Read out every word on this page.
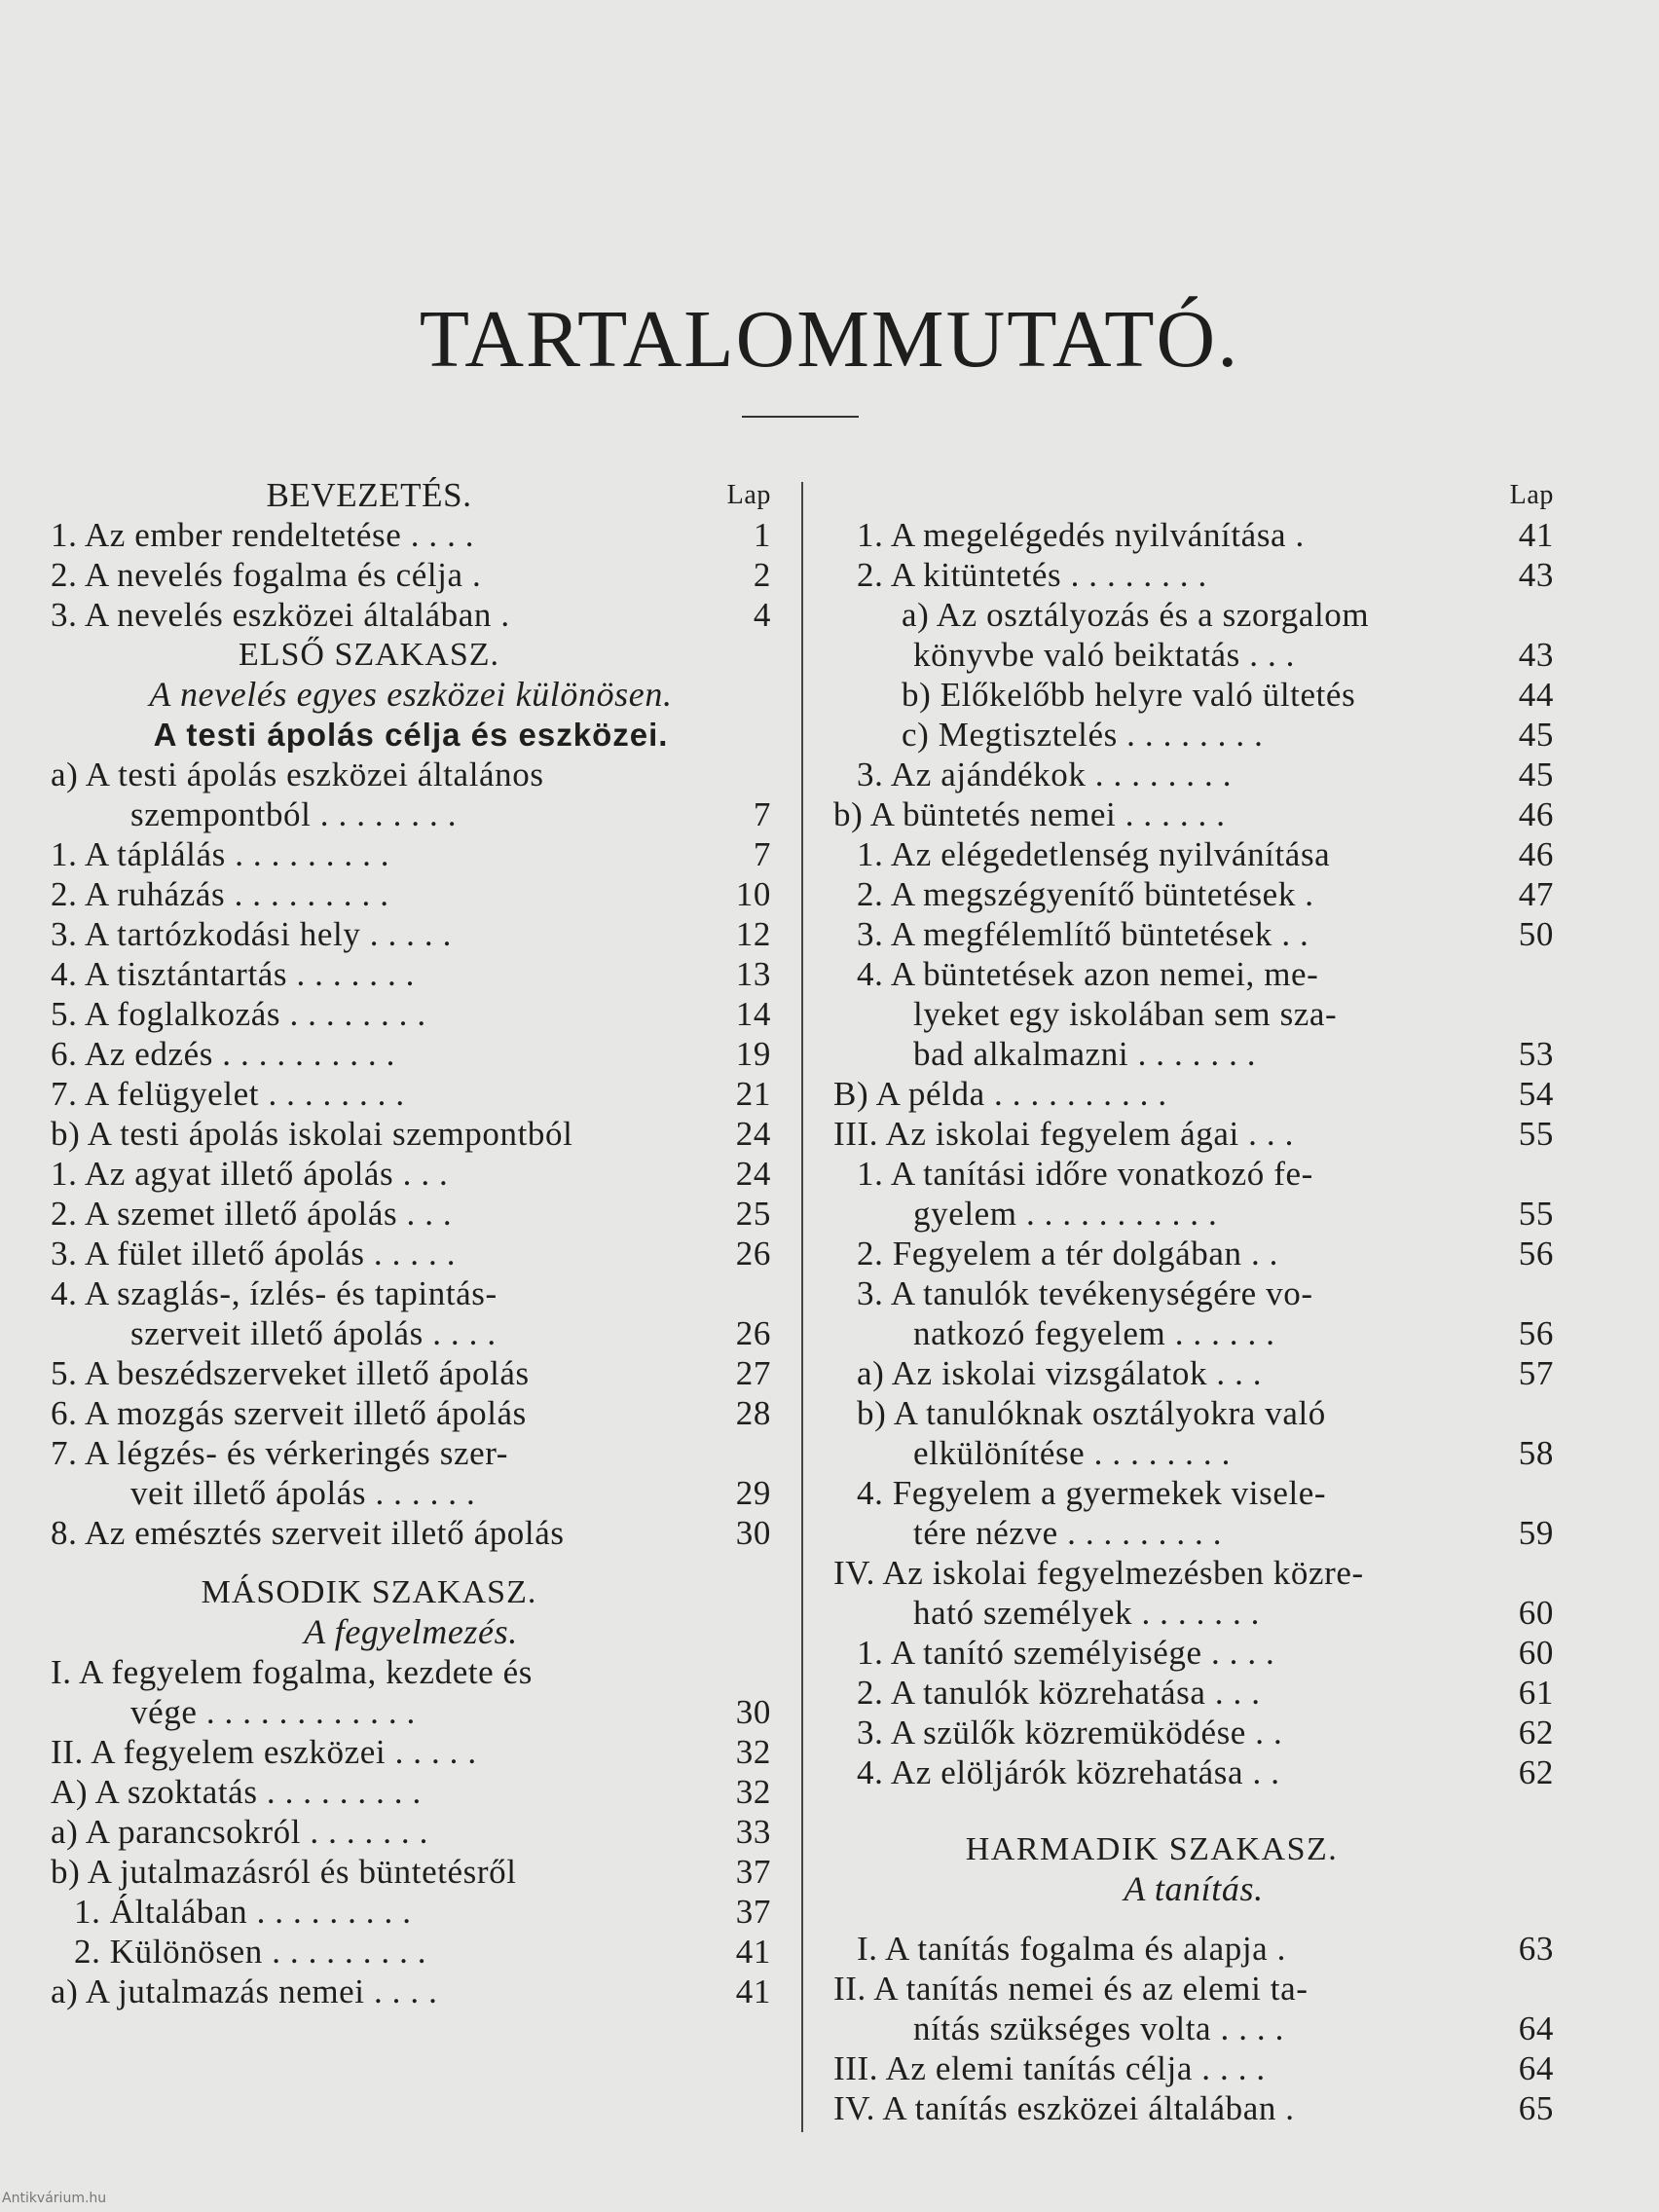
TARTALOMMUTATÓ.
BEVEZETÉS.	Lap
1. Az ember rendeltetése . . . .	1
2. A nevelés fogalma és célja .	2
3. A nevelés eszközei általában .	4
ELSŐ SZAKASZ.
A nevelés egyes eszközei különösen.
A testi ápolás célja és eszközei.
a) A testi ápolás eszközei általános
szempontból . . . . . . . .	7
1. A táplálás . . . . . . . . .	7
2. A ruházás . . . . . . . . .	10
3. A tartózkodási hely . . . . .	12
4. A tisztántartás . . . . . . .	13
5. A foglalkozás . . . . . . . .	14
6. Az edzés . . . . . . . . . .	19
7. A felügyelet . . . . . . . .	21
b) A testi ápolás iskolai szempontból	24
1. Az agyat illető ápolás . . .	24
2. A szemet illető ápolás . . .	25
3. A fület illető ápolás . . . . .	26
4. A szaglás-, ízlés- és tapintás-
szerveit illető ápolás . . . .	26
5. A beszédszerveket illető ápolás	27
6. A mozgás szerveit illető ápolás	28
7. A légzés- és vérkeringés szer-
veit illető ápolás . . . . . .	29
8. Az emésztés szerveit illető ápolás	30
MÁSODIK SZAKASZ.
A fegyelmezés.
I. A fegyelem fogalma, kezdete és
vége . . . . . . . . . . . .	30
II. A fegyelem eszközei . . . . .	32
A) A szoktatás . . . . . . . . .	32
a) A parancsokról . . . . . . .	33
b) A jutalmazásról és büntetésről	37
1. Általában . . . . . . . . .	37
2. Különösen . . . . . . . . .	41
a) A jutalmazás nemei . . . .	41
Lap
1. A megelégedés nyilvánítása .	41
2. A kitüntetés . . . . . . . .	43
a) Az osztályozás és a szorgalom
könyvbe való beiktatás . . .	43
b) Előkelőbb helyre való ültetés	44
c) Megtisztelés . . . . . . . .	45
3. Az ajándékok . . . . . . . .	45
b) A büntetés nemei . . . . . .	46
1. Az elégedetlenség nyilvánítása	46
2. A megszégyenítő büntetések .	47
3. A megfélemlítő büntetések . .	50
4. A büntetések azon nemei, me-
lyeket egy iskolában sem sza-
bad alkalmazni . . . . . . .	53
B) A példa . . . . . . . . . .	54
III. Az iskolai fegyelem ágai . . .	55
1. A tanítási időre vonatkozó fe-
gyelem . . . . . . . . . . .	55
2. Fegyelem a tér dolgában . .	56
3. A tanulók tevékenységére vo-
natkozó fegyelem . . . . . .	56
a) Az iskolai vizsgálatok . . .	57
b) A tanulóknak osztályokra való
elkülönítése . . . . . . . .	58
4. Fegyelem a gyermekek visele-
tére nézve . . . . . . . . .	59
IV. Az iskolai fegyelmezésben közre-
ható személyek . . . . . . .	60
1. A tanító személyisége . . . .	60
2. A tanulók közrehatása . . .	61
3. A szülők közremüködése . .	62
4. Az elöljárók közrehatása . .	62
HARMADIK SZAKASZ.
A tanítás.
I. A tanítás fogalma és alapja .	63
II. A tanítás nemei és az elemi ta-
nítás szükséges volta . . . .	64
III. Az elemi tanítás célja . . . .	64
IV. A tanítás eszközei általában .	65
Antikvárium.hu
